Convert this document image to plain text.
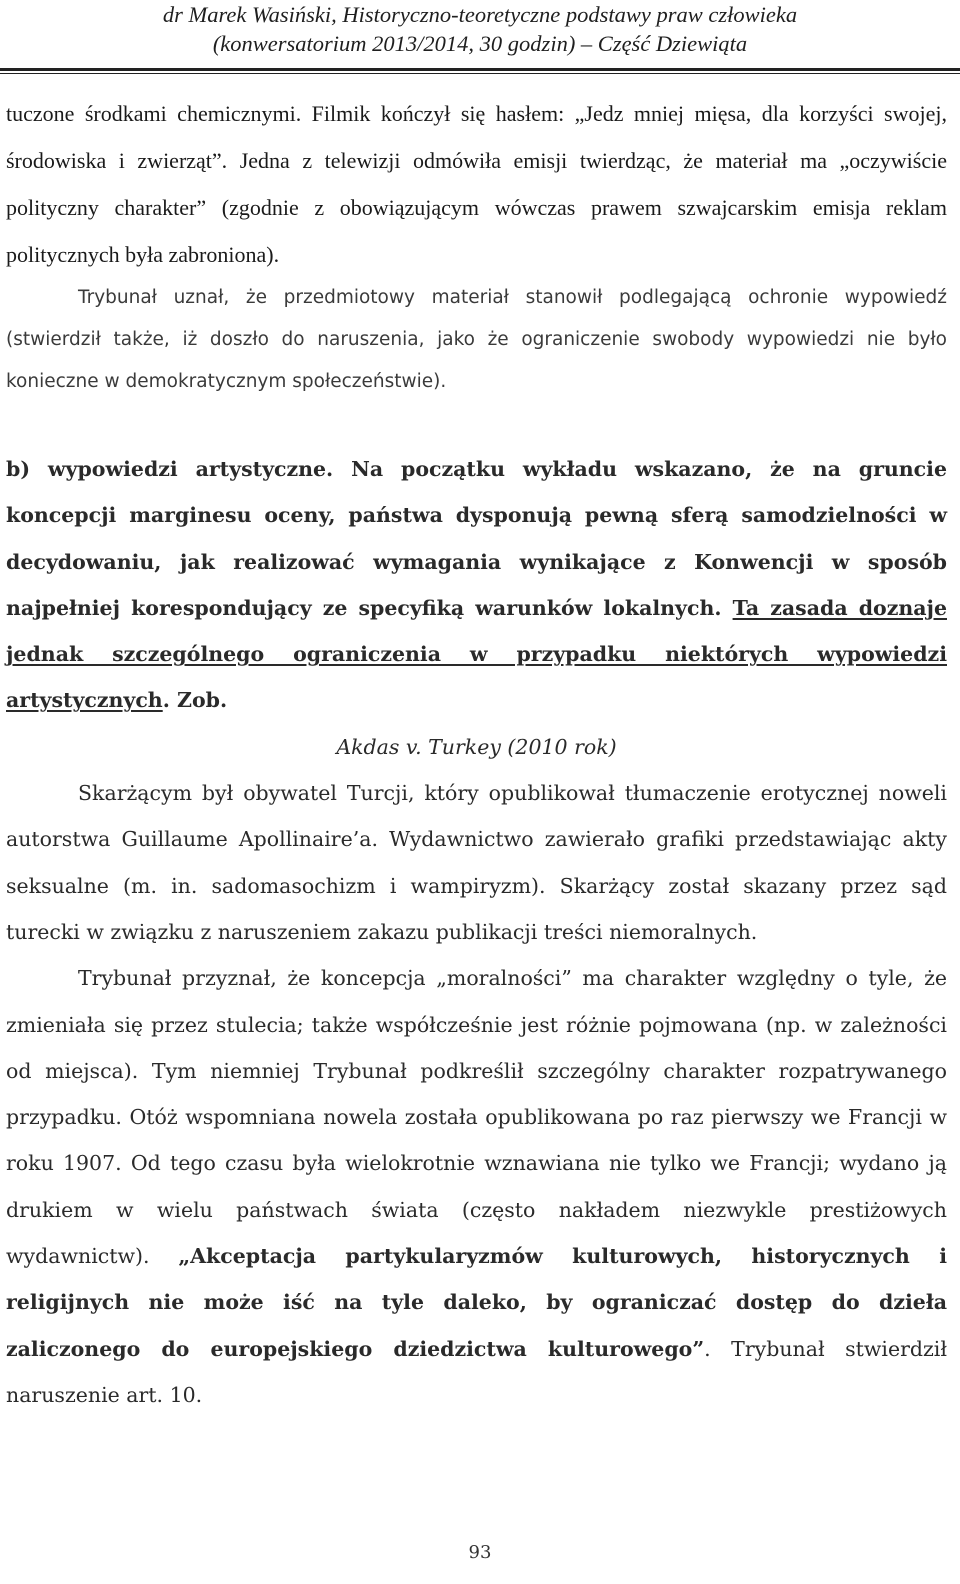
dr Marek Wasiński, Historyczno-teoretyczne podstawy praw człowieka
(konwersatorium 2013/2014, 30 godzin) – Część Dziewiąta

tuczone środkami chemicznymi. Filmik kończył się hasłem: „Jedz mniej mięsa, dla korzyści swojej, środowiska i zwierząt”. Jedna z telewizji odmówiła emisji twierdząc, że materiał ma „oczywiście polityczny charakter” (zgodnie z obowiązującym wówczas prawem szwajcarskim emisja reklam politycznych była zabroniona).

Trybunał uznał, że przedmiotowy materiał stanowił podlegającą ochronie wypowiedź (stwierdził także, iż doszło do naruszenia, jako że ograniczenie swobody wypowiedzi nie było konieczne w demokratycznym społeczeństwie).

b) wypowiedzi artystyczne. Na początku wykładu wskazano, że na gruncie koncepcji marginesu oceny, państwa dysponują pewną sferą samodzielności w decydowaniu, jak realizować wymagania wynikające z Konwencji w sposób najpełniej korespondujący ze specyfiką warunków lokalnych. Ta zasada doznaje jednak szczególnego ograniczenia w przypadku niektórych wypowiedzi artystycznych. Zob.

Akdas v. Turkey (2010 rok)

Skarżącym był obywatel Turcji, który opublikował tłumaczenie erotycznej noweli autorstwa Guillaume Apollinaire’a. Wydawnictwo zawierało grafiki przedstawiając akty seksualne (m. in. sadomasochizm i wampiryzm). Skarżący został skazany przez sąd turecki w związku z naruszeniem zakazu publikacji treści niemoralnych.

Trybunał przyznał, że koncepcja „moralności” ma charakter względny o tyle, że zmieniała się przez stulecia; także współcześnie jest różnie pojmowana (np. w zależności od miejsca). Tym niemniej Trybunał podkreślił szczególny charakter rozpatrywanego przypadku. Otóż wspomniana nowela została opublikowana po raz pierwszy we Francji w roku 1907. Od tego czasu była wielokrotnie wznawiana nie tylko we Francji; wydano ją drukiem w wielu państwach świata (często nakładem niezwykle prestiżowych wydawnictw). „Akceptacja partykularyzmów kulturowych, historycznych i religijnych nie może iść na tyle daleko, by ograniczać dostęp do dzieła zaliczonego do europejskiego dziedzictwa kulturowego”. Trybunał stwierdził naruszenie art. 10.

93
